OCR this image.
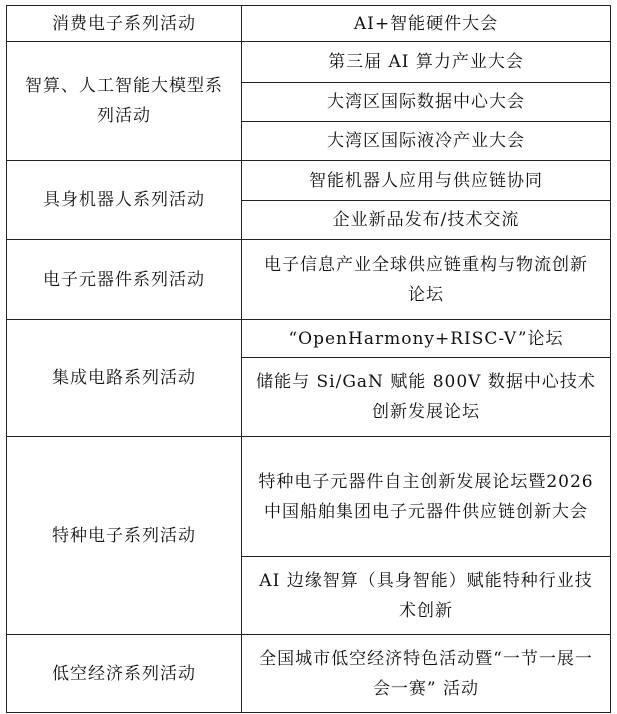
消费电子系列活动	AI+智能硬件大会

智算、人工智能大模型系列活动	第三届 AI 算力产业大会
	大湾区国际数据中心大会
	大湾区国际液冷产业大会
具身机器人系列活动	智能机器人应用与供应链协同
	企业新品发布/技术交流
电子元器件系列活动	电子信息产业全球供应链重构与物流创新论坛

集成电路系列活动	“OpenHarmony+RISC-V”论坛

	储能与 Si/GaN 赋能 800V 数据中心技术创新发展论坛

特种电子系列活动	特种电子元器件自主创新发展论坛暨2026 中国船舶集团电子元器件供应链创新大会

	AI 边缘智算（具身智能）赋能特种行业技术创新

低空经济系列活动	全国城市低空经济特色活动暨“一节一展一会一赛” 活动
